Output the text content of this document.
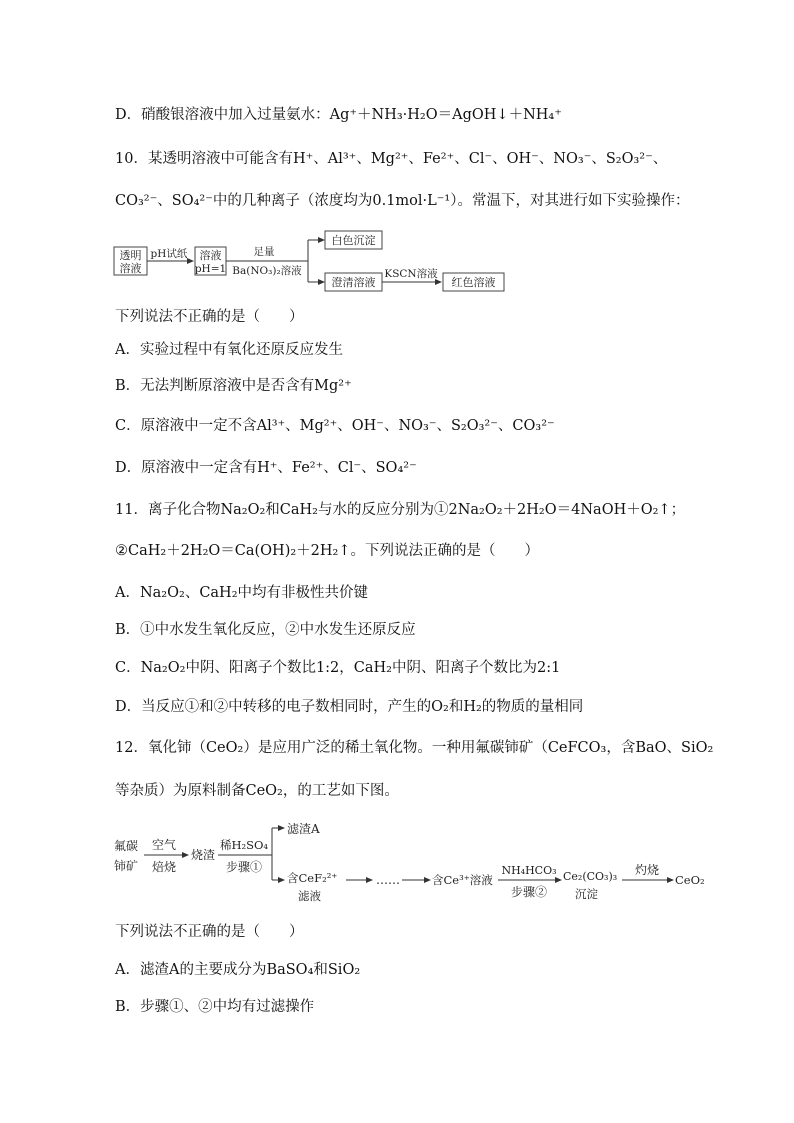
D．硝酸银溶液中加入过量氨水：Ag⁺＋NH₃·H₂O＝AgOH↓＋NH₄⁺
10．某透明溶液中可能含有H⁺、Al³⁺、Mg²⁺、Fe²⁺、Cl⁻、OH⁻、NO₃⁻、S₂O₃²⁻、
CO₃²⁻、SO₄²⁻中的几种离子（浓度均为0.1mol·L⁻¹）。常温下，对其进行如下实验操作：
透明
溶液
pH试纸 溶液
pH=1
足量
Ba(NO₃)₂溶液
白色沉淀
澄清溶液
KSCN溶液
红色溶液
下列说法不正确的是（　　）
A．实验过程中有氧化还原反应发生
B．无法判断原溶液中是否含有Mg²⁺
C．原溶液中一定不含Al³⁺、Mg²⁺、OH⁻、NO₃⁻、S₂O₃²⁻、CO₃²⁻
D．原溶液中一定含有H⁺、Fe²⁺、Cl⁻、SO₄²⁻
11．离子化合物Na₂O₂和CaH₂与水的反应分别为①2Na₂O₂＋2H₂O＝4NaOH＋O₂↑；
②CaH₂＋2H₂O＝Ca(OH)₂＋2H₂↑。下列说法正确的是（　　）
A．Na₂O₂、CaH₂中均有非极性共价键
B．①中水发生氧化反应，②中水发生还原反应
C．Na₂O₂中阴、阳离子个数比1:2，CaH₂中阴、阳离子个数比为2:1
D．当反应①和②中转移的电子数相同时，产生的O₂和H₂的物质的量相同
12．氧化铈（CeO₂）是应用广泛的稀土氧化物。一种用氟碳铈矿（CeFCO₃，含BaO、SiO₂
等杂质）为原料制备CeO₂，的工艺如下图。
氟碳
铈矿
空气
焙烧
烧渣
稀H₂SO₄
步骤①
滤渣A
含CeF₂²⁺
滤液
……	含Ce³⁺溶液
NH₄HCO₃
步骤②
Ce₂(CO₃)₃
沉淀
灼烧
CeO₂
下列说法不正确的是（　　）
A．滤渣A的主要成分为BaSO₄和SiO₂
B．步骤①、②中均有过滤操作
